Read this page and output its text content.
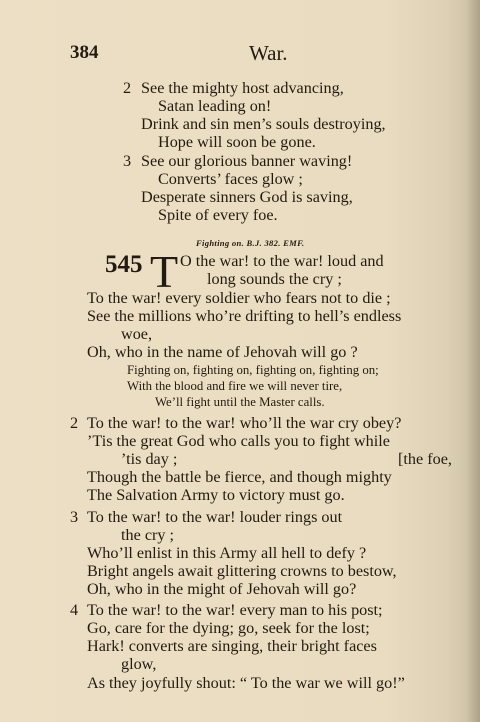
384	War.
2 See the mighty host advancing,
Satan leading on!
Drink and sin men’s souls destroying,
Hope will soon be gone.
3 See our glorious banner waving!
Converts’ faces glow ;
Desperate sinners God is saving,
Spite of every foe.
Fighting on. B.J. 382. EMF.
545 T O the war! to the war! loud and
long sounds the cry ;
To the war! every soldier who fears not to die ;
See the millions who’re drifting to hell’s endless
woe,
Oh, who in the name of Jehovah will go ?
Fighting on, fighting on, fighting on, fighting on;
With the blood and fire we will never tire,
We’ll fight until the Master calls.
2 To the war! to the war! who’ll the war cry obey?
’Tis the great God who calls you to fight while
’tis day ;	[the foe,
Though the battle be fierce, and though mighty
The Salvation Army to victory must go.
3 To the war! to the war! louder rings out
the cry ;
Who’ll enlist in this Army all hell to defy ?
Bright angels await glittering crowns to bestow,
Oh, who in the might of Jehovah will go?
4 To the war! to the war! every man to his post;
Go, care for the dying; go, seek for the lost;
Hark! converts are singing, their bright faces
glow,
As they joyfully shout: “ To the war we will go!”
